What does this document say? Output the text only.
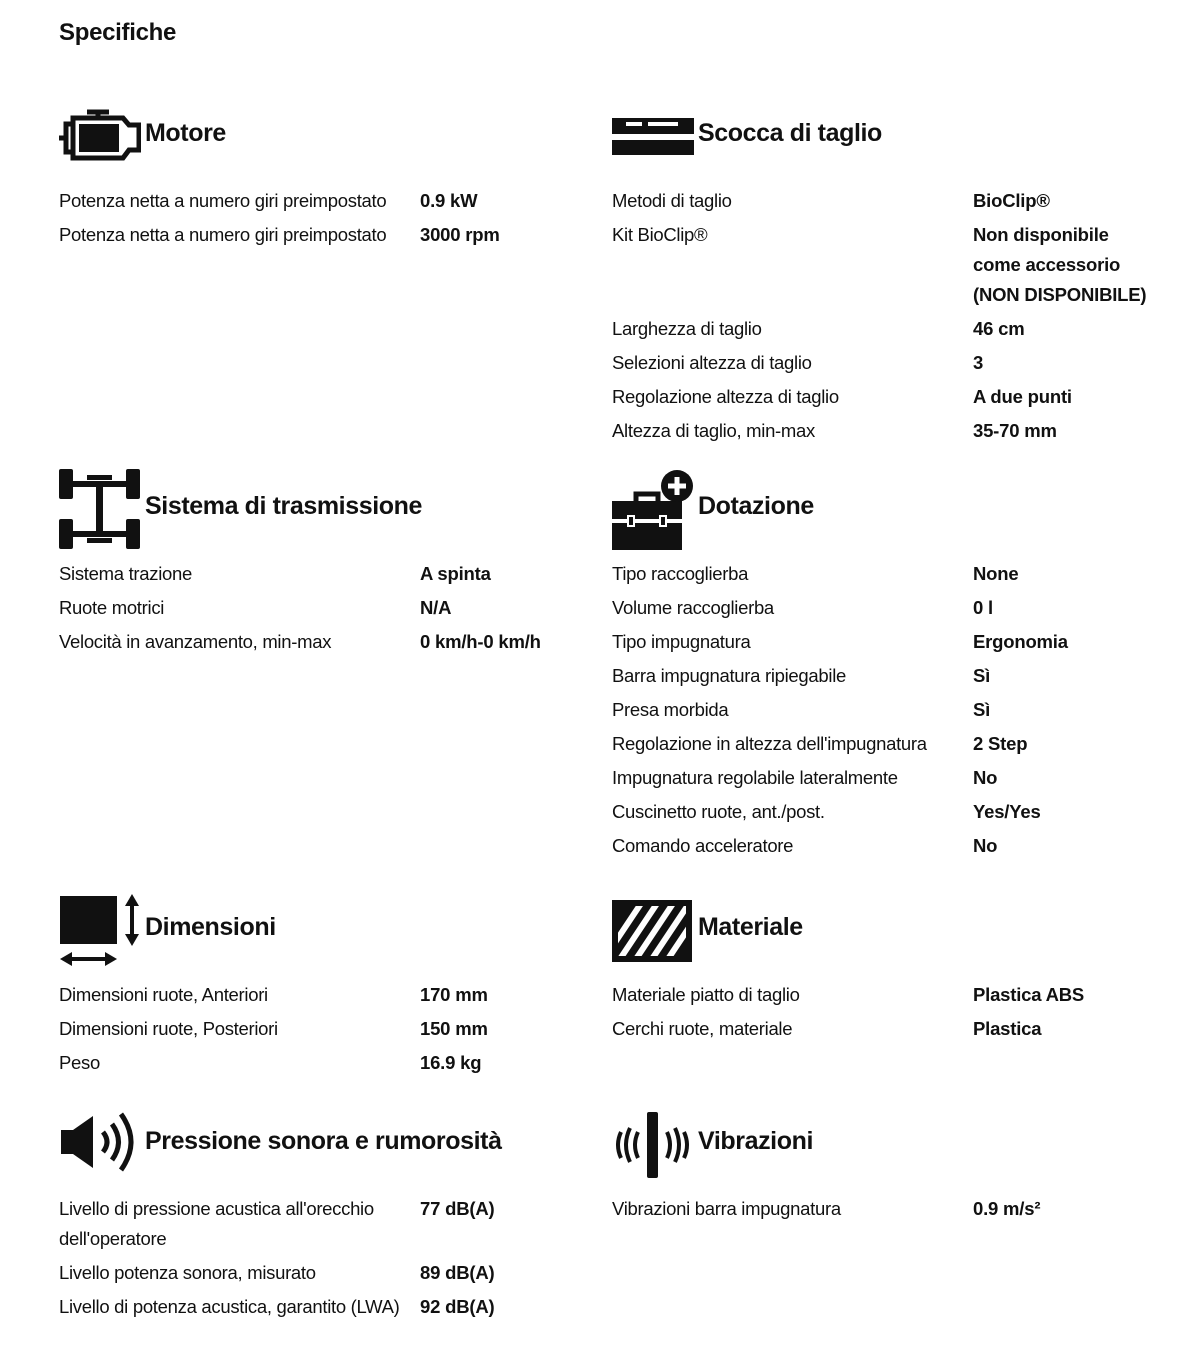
Specifiche
Motore
Potenza netta a numero giri preimpostato	0.9 kW
Potenza netta a numero giri preimpostato	3000 rpm
Scocca di taglio
Metodi di taglio	BioClip®
Kit BioClip®	Non disponibile
come accessorio
(NON DISPONIBILE)
Larghezza di taglio	46 cm
Selezioni altezza di taglio	3
Regolazione altezza di taglio	A due punti
Altezza di taglio, min-max	35-70 mm
Sistema di trasmissione
Sistema trazione	A spinta
Ruote motrici	N/A
Velocità in avanzamento, min-max	0 km/h-0 km/h
Dotazione
Tipo raccoglierba	None
Volume raccoglierba	0 l
Tipo impugnatura	Ergonomia
Barra impugnatura ripiegabile	Sì
Presa morbida	Sì
Regolazione in altezza dell'impugnatura	2 Step
Impugnatura regolabile lateralmente	No
Cuscinetto ruote, ant./post.	Yes/Yes
Comando acceleratore	No
Dimensioni
Dimensioni ruote, Anteriori	170 mm
Dimensioni ruote, Posteriori	150 mm
Peso	16.9 kg
Materiale
Materiale piatto di taglio	Plastica ABS
Cerchi ruote, materiale	Plastica
Pressione sonora e rumorosità
Livello di pressione acustica all'orecchio dell'operatore
77 dB(A)
Livello potenza sonora, misurato	89 dB(A)
Livello di potenza acustica, garantito (LWA)	92 dB(A)
Vibrazioni
Vibrazioni barra impugnatura	0.9 m/s²
